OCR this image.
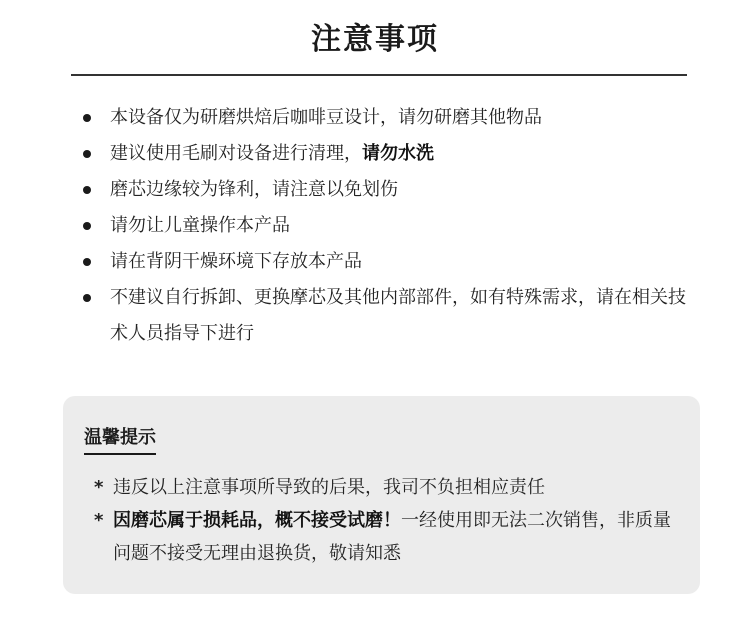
注意事项
本设备仅为研磨烘焙后咖啡豆设计，请勿研磨其他物品
建议使用毛刷对设备进行清理，请勿水洗
磨芯边缘较为锋利，请注意以免划伤
请勿让儿童操作本产品
请在背阴干燥环境下存放本产品
不建议自行拆卸、更换摩芯及其他内部部件，如有特殊需求，请在相关技术人员指导下进行
温馨提示
* 违反以上注意事项所导致的后果，我司不负担相应责任
* 因磨芯属于损耗品，概不接受试磨！一经使用即无法二次销售，非质量问题不接受无理由退换货，敬请知悉
